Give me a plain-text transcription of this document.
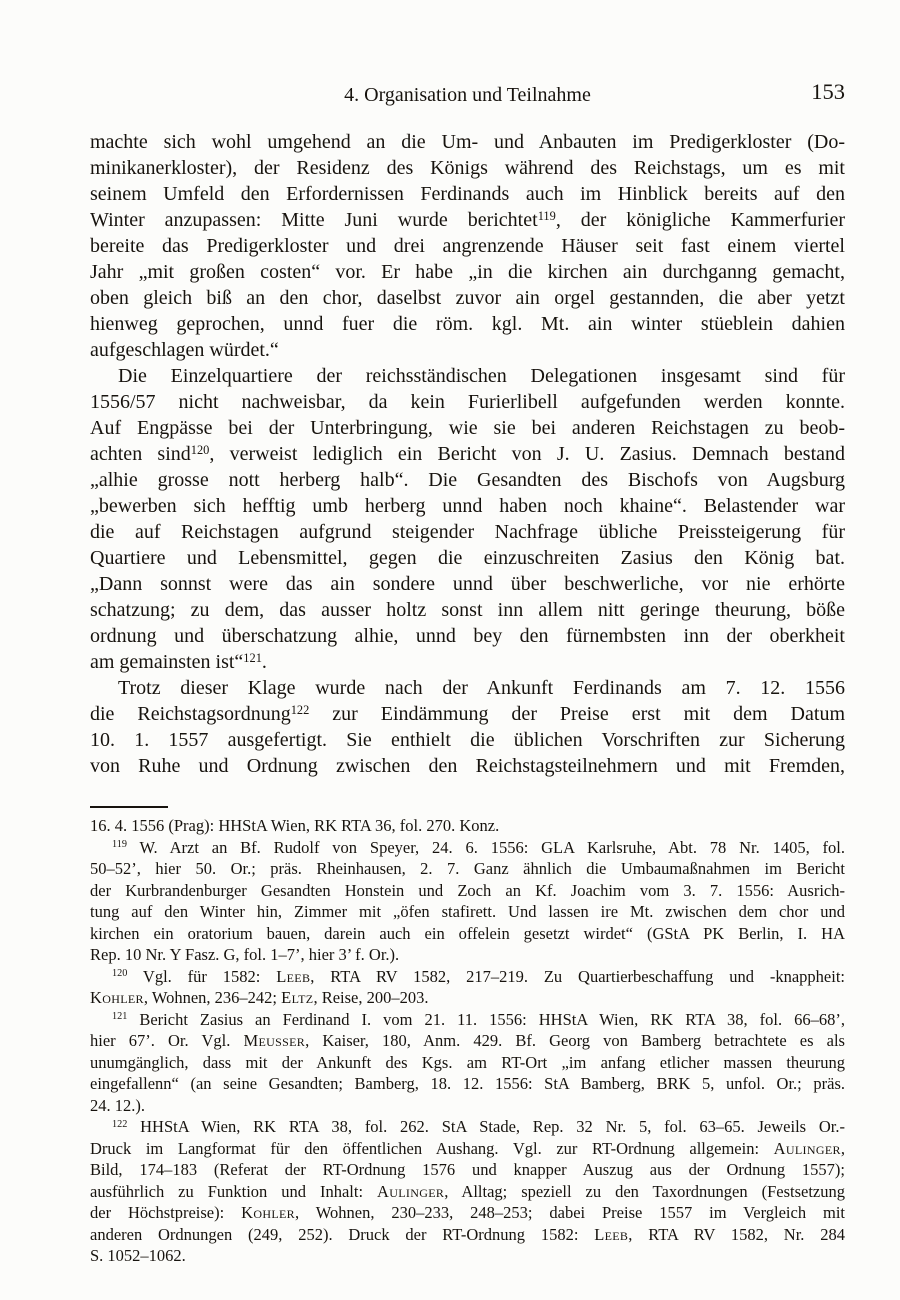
4. Organisation und Teilnahme	153
machte sich wohl umgehend an die Um- und Anbauten im Predigerkloster (Do-
minikanerkloster), der Residenz des Königs während des Reichstags, um es mit
seinem Umfeld den Erfordernissen Ferdinands auch im Hinblick bereits auf den
Winter anzupassen: Mitte Juni wurde berichtet$^{119}$, der königliche Kammerfurier
bereite das Predigerkloster und drei angrenzende Häuser seit fast einem viertel
Jahr „mit großen costen“ vor. Er habe „in die kirchen ain durchganng gemacht,
oben gleich biß an den chor, daselbst zuvor ain orgel gestannden, die aber yetzt
hienweg geprochen, unnd fuer die röm. kgl. Mt. ain winter stüeblein dahien
aufgeschlagen würdet.“
Die Einzelquartiere der reichsständischen Delegationen insgesamt sind für
1556/57 nicht nachweisbar, da kein Furierlibell aufgefunden werden konnte.
Auf Engpässe bei der Unterbringung, wie sie bei anderen Reichstagen zu beob-
achten sind$^{120}$, verweist lediglich ein Bericht von J. U. Zasius. Demnach bestand
„alhie grosse nott herberg halb“. Die Gesandten des Bischofs von Augsburg
„bewerben sich hefftig umb herberg unnd haben noch khaine“. Belastender war
die auf Reichstagen aufgrund steigender Nachfrage übliche Preissteigerung für
Quartiere und Lebensmittel, gegen die einzuschreiten Zasius den König bat.
„Dann sonnst were das ain sondere unnd über beschwerliche, vor nie erhörte
schatzung; zu dem, das ausser holtz sonst inn allem nitt geringe theurung, böße
ordnung und überschatzung alhie, unnd bey den fürnembsten inn der oberkheit
am gemainsten ist“$^{121}$.
Trotz dieser Klage wurde nach der Ankunft Ferdinands am 7. 12. 1556
die Reichstagsordnung$^{122}$ zur Eindämmung der Preise erst mit dem Datum
10. 1. 1557 ausgefertigt. Sie enthielt die üblichen Vorschriften zur Sicherung
von Ruhe und Ordnung zwischen den Reichstagsteilnehmern und mit Fremden,
16. 4. 1556 (Prag): HHStA Wien, RK RTA 36, fol. 270. Konz.
$^{119}$ W. Arzt an Bf. Rudolf von Speyer, 24. 6. 1556: GLA Karlsruhe, Abt. 78 Nr. 1405, fol.
50–52’, hier 50. Or.; präs. Rheinhausen, 2. 7. Ganz ähnlich die Umbaumaßnahmen im Bericht
der Kurbrandenburger Gesandten Honstein und Zoch an Kf. Joachim vom 3. 7. 1556: Ausrich-
tung auf den Winter hin, Zimmer mit „öfen stafirett. Und lassen ire Mt. zwischen dem chor und
kirchen ein oratorium bauen, darein auch ein offelein gesetzt wirdet“ (GStA PK Berlin, I. HA
Rep. 10 Nr. Y Fasz. G, fol. 1–7’, hier 3’ f. Or.).
$^{120}$ Vgl. für 1582: Leeb, RTA RV 1582, 217–219. Zu Quartierbeschaffung und -knappheit:
Kohler, Wohnen, 236–242; Eltz, Reise, 200–203.
$^{121}$ Bericht Zasius an Ferdinand I. vom 21. 11. 1556: HHStA Wien, RK RTA 38, fol. 66–68’,
hier 67’. Or. Vgl. Meusser, Kaiser, 180, Anm. 429. Bf. Georg von Bamberg betrachtete es als
unumgänglich, dass mit der Ankunft des Kgs. am RT-Ort „im anfang etlicher massen theurung
eingefallenn“ (an seine Gesandten; Bamberg, 18. 12. 1556: StA Bamberg, BRK 5, unfol. Or.; präs.
24. 12.).
$^{122}$ HHStA Wien, RK RTA 38, fol. 262. StA Stade, Rep. 32 Nr. 5, fol. 63–65. Jeweils Or.-
Druck im Langformat für den öffentlichen Aushang. Vgl. zur RT-Ordnung allgemein: Aulinger,
Bild, 174–183 (Referat der RT-Ordnung 1576 und knapper Auszug aus der Ordnung 1557);
ausführlich zu Funktion und Inhalt: Aulinger, Alltag; speziell zu den Taxordnungen (Festsetzung
der Höchstpreise): Kohler, Wohnen, 230–233, 248–253; dabei Preise 1557 im Vergleich mit
anderen Ordnungen (249, 252). Druck der RT-Ordnung 1582: Leeb, RTA RV 1582, Nr. 284
S. 1052–1062.
